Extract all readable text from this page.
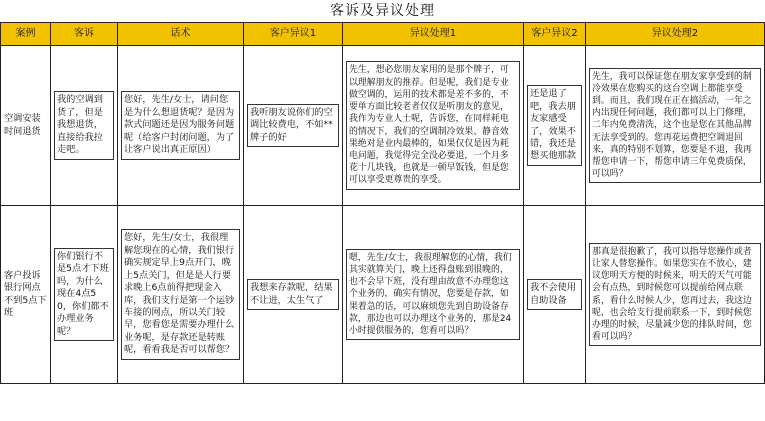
客诉及异议处理
案例	客诉	话术	客户异议1	异议处理1	客户异议2	异议处理2
空调安装时间退货	我的空调到货了，但是我想退货，直接给我拉走吧。	您好，先生/女士，请问您是为什么想退货呢？是因为款式问题还是因为服务问题呢（给客户封闭问题，为了让客户说出真正原因）	我听朋友说你们的空调比较费电，不如**牌子的好	先生，想必您朋友家用的是那个牌子，可以理解朋友的推荐。但是呢，我们是专业做空调的，运用的技术都是差不多的，不要单方面比较老者仅仅是听朋友的意见，我作为专业人士呢，告诉您，在同样耗电的情况下，我们的空调制冷效果、静音效果绝对是业内最棒的，如果仅仅是因为耗电问题，我觉得完全没必要退，一个月多花十几块钱，也就是一顿早饭钱，但是您可以享受更尊贵的享受。	还是退了吧，我去朋友家感受了，效果不错，我还是想买他那款	先生，我可以保证您在朋友家享受到的制冷效果在您购买的这台空调上都能享受到。而且，我们现在正在搞活动，一年之内出现任何问题，我们都可以上门修理，二年内免费清洗，这个也是您在其他品牌无法享受到的。您再花运费把空调退回来，真的特别不划算，您要是不退，我再帮您申请一下，帮您申请三年免费质保，可以吗？

客户投诉银行网点不到5点下班	你们银行不是5点才下班吗，为什么现在4点50，你们都不办理业务呢？	您好，先生/女士，我很理解您现在的心情，我们银行确实规定早上9点开门，晚上5点关门，但是是人行要求晚上6点前得把现金入库，我们支行是第一个运钞车接的网点，所以关门较早，您看您是需要办理什么业务呢，是存款还是转账呢，看看我是否可以帮您？	我想来存款呢，结果不让进，太生气了	嗯，先生/女士，我很理解您的心情，我们其实就算关门，晚上还得盘账到很晚的，也不会早下班，没有理由故意不办理您这个业务的，确实有情况，您要是存款，如果着急的话，可以麻烦您先到自助设备存款，那边也可以办理这个业务的，那是24小时提供服务的，您看可以吗？	我不会使用自助设备	那真是很抱歉了，我可以指导您操作或者让家人替您操作。如果您实在不放心，建议您明天方便的时候来，明天的天气可能会有点热，到时候您可以提前给网点联系，看什么时候人少，您再过去，我这边呢，也会给支行提前联系一下，到时候您办理的时候，尽量减少您的排队时间，您看可以吗？
